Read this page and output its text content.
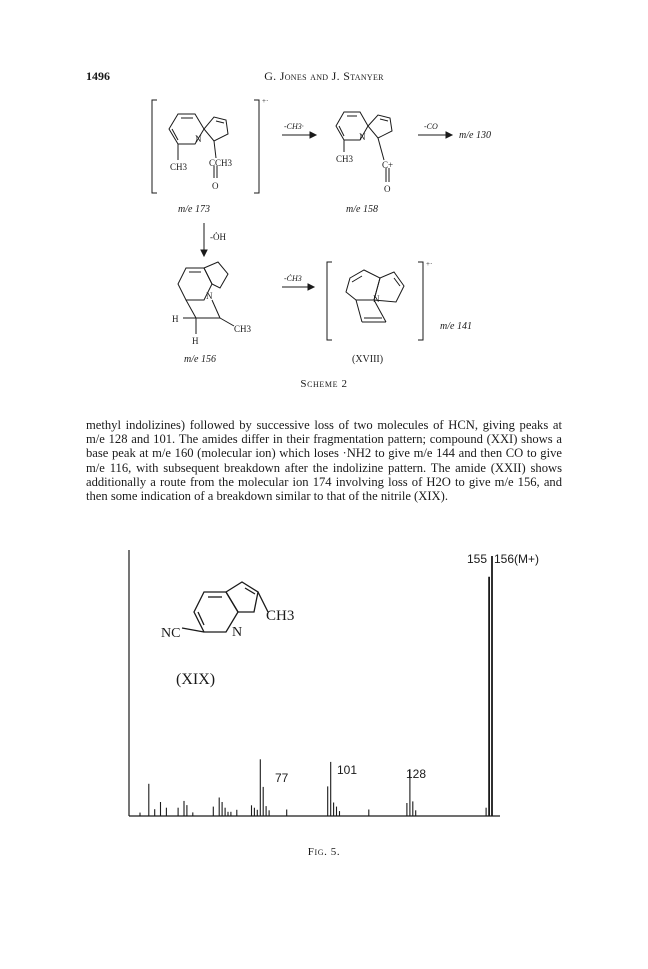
1496	G. Jones and J. Stanyer
+·
N
CH3 CCH3
O
m/e 173
-CH3·
N
CH3
C+
O
m/e 158
-CO
m/e 130
-ȮH
N
H
H
CH3
m/e 156
-ĊH3
+·
N
m/e 141
(XVIII)
N
NC
CH3
(XIX)
77
101	128
155 156(M+)
Scheme 2

methyl indolizines) followed by successive loss of two molecules of HCN, giving peaks at m/e 128 and 101. The amides differ in their fragmentation pattern; compound (XXI) shows a base peak at m/e 160 (molecular ion) which loses ·NH2 to give m/e 144 and then CO to give m/e 116, with subsequent breakdown after the indolizine pattern. The amide (XXII) shows additionally a route from the molecular ion 174 involving loss of H2O to give m/e 156, and then some indication of a breakdown similar to that of the nitrile (XIX).

Fig. 5.
